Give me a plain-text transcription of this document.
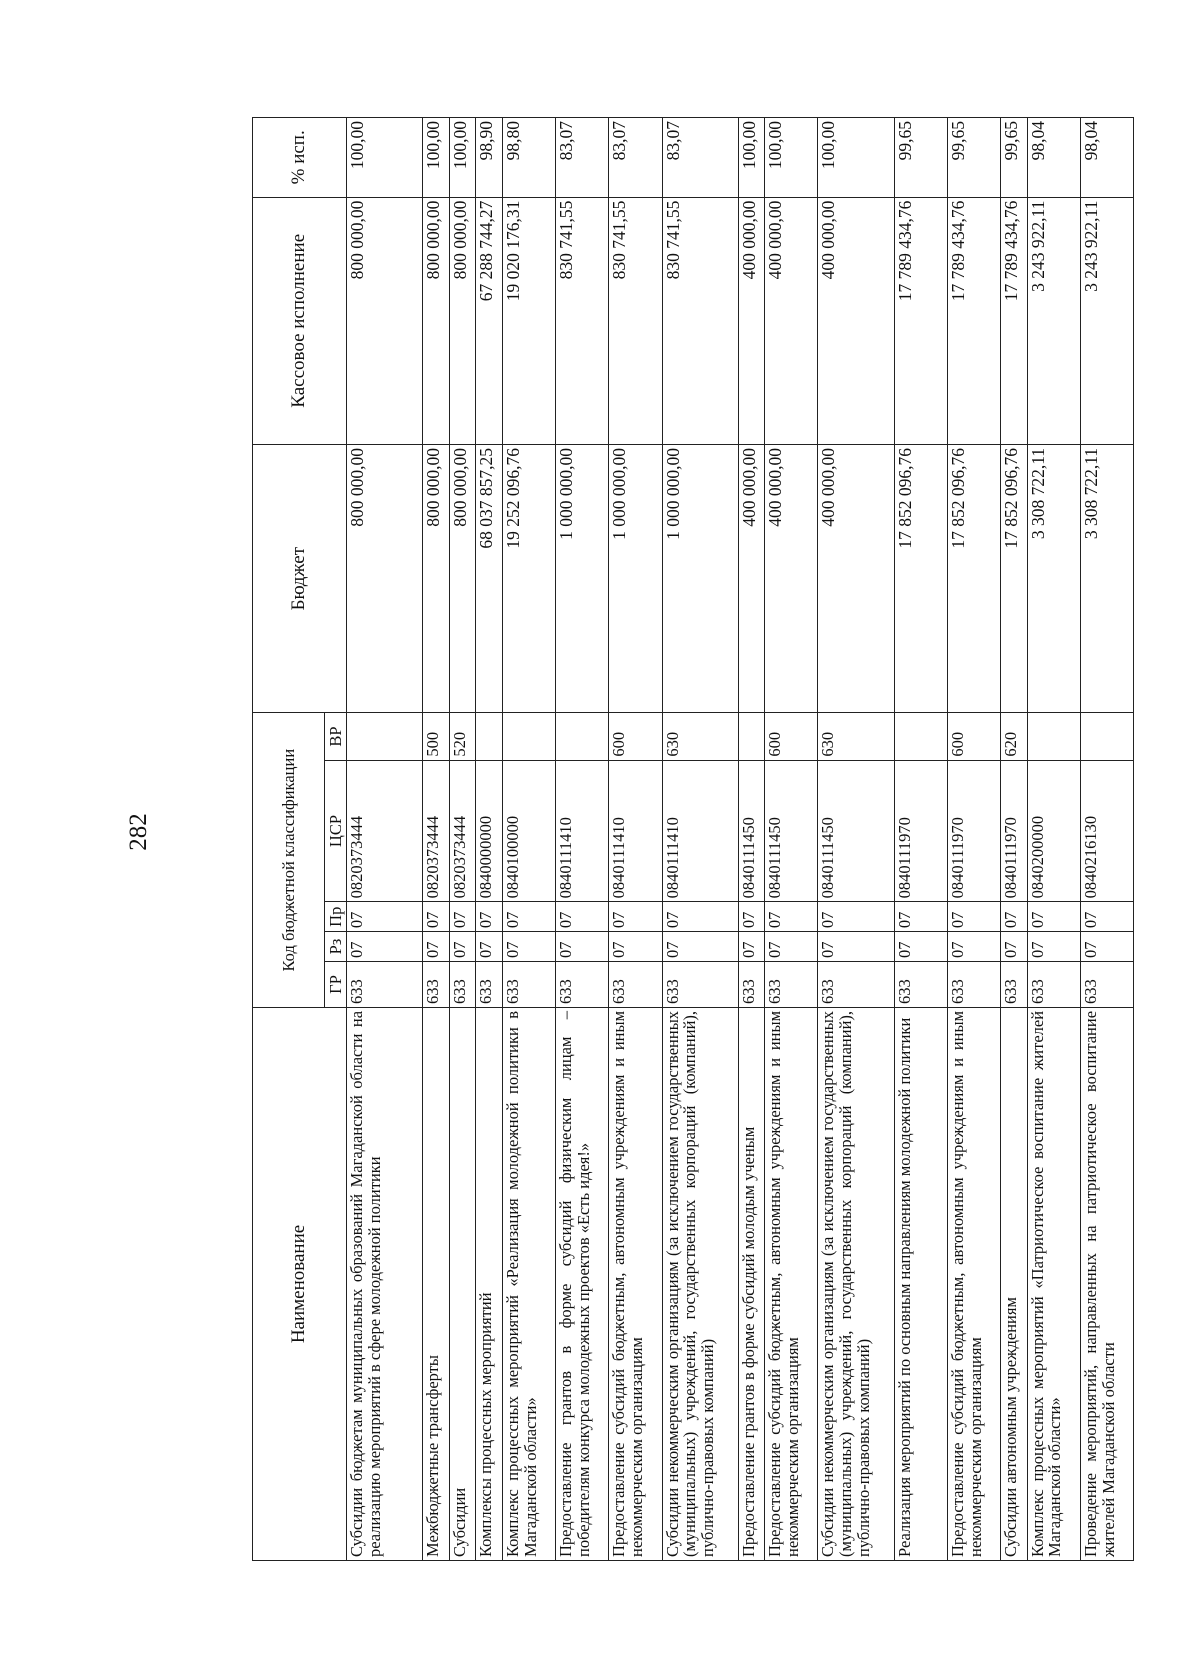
282
Наименование	Код бюджетной классификации					Бюджет	Кассовое исполнение	% исп.
	ГР	Рз	Пр	ЦСР	ВР			
Субсидии бюджетам муниципальных образований Магаданской области на реализацию мероприятий в сфере молодежной политики	633	07	07	0820373444		800 000,00	800 000,00	100,00
Межбюджетные трансферты	633	07	07	0820373444	500	800 000,00	800 000,00	100,00
Субсидии	633	07	07	0820373444	520	800 000,00	800 000,00	100,00
Комплексы процессных мероприятий	633	07	07	0840000000		68 037 857,25	67 288 744,27	98,90
Комплекс процессных мероприятий «Реализация молодежной политики в Магаданской области»	633	07	07	0840100000		19 252 096,76	19 020 176,31	98,80
Предоставление грантов в форме субсидий физическим лицам – победителям конкурса молодежных проектов «Есть идея!»	633	07	07	0840111410		1 000 000,00	830 741,55	83,07
Предоставление субсидий бюджетным, автономным учреждениям и иным некоммерческим организациям	633	07	07	0840111410	600	1 000 000,00	830 741,55	83,07
Субсидии некоммерческим организациям (за исключением государственных (муниципальных) учреждений, государственных корпораций (компаний), публично-правовых компаний)	633	07	07	0840111410	630	1 000 000,00	830 741,55	83,07
Предоставление грантов в форме субсидий молодым ученым	633	07	07	0840111450		400 000,00	400 000,00	100,00
Предоставление субсидий бюджетным, автономным учреждениям и иным некоммерческим организациям	633	07	07	0840111450	600	400 000,00	400 000,00	100,00
Субсидии некоммерческим организациям (за исключением государственных (муниципальных) учреждений, государственных корпораций (компаний), публично-правовых компаний)	633	07	07	0840111450	630	400 000,00	400 000,00	100,00
Реализация мероприятий по основным направлениям молодежной политики	633	07	07	0840111970		17 852 096,76	17 789 434,76	99,65
Предоставление субсидий бюджетным, автономным учреждениям и иным некоммерческим организациям	633	07	07	0840111970	600	17 852 096,76	17 789 434,76	99,65
Субсидии автономным учреждениям	633	07	07	0840111970	620	17 852 096,76	17 789 434,76	99,65
Комплекс процессных мероприятий «Патриотическое воспитание жителей Магаданской области»	633	07	07	0840200000		3 308 722,11	3 243 922,11	98,04
Проведение мероприятий, направленных на патриотическое воспитание жителей Магаданской области	633	07	07	0840216130		3 308 722,11	3 243 922,11	98,04
